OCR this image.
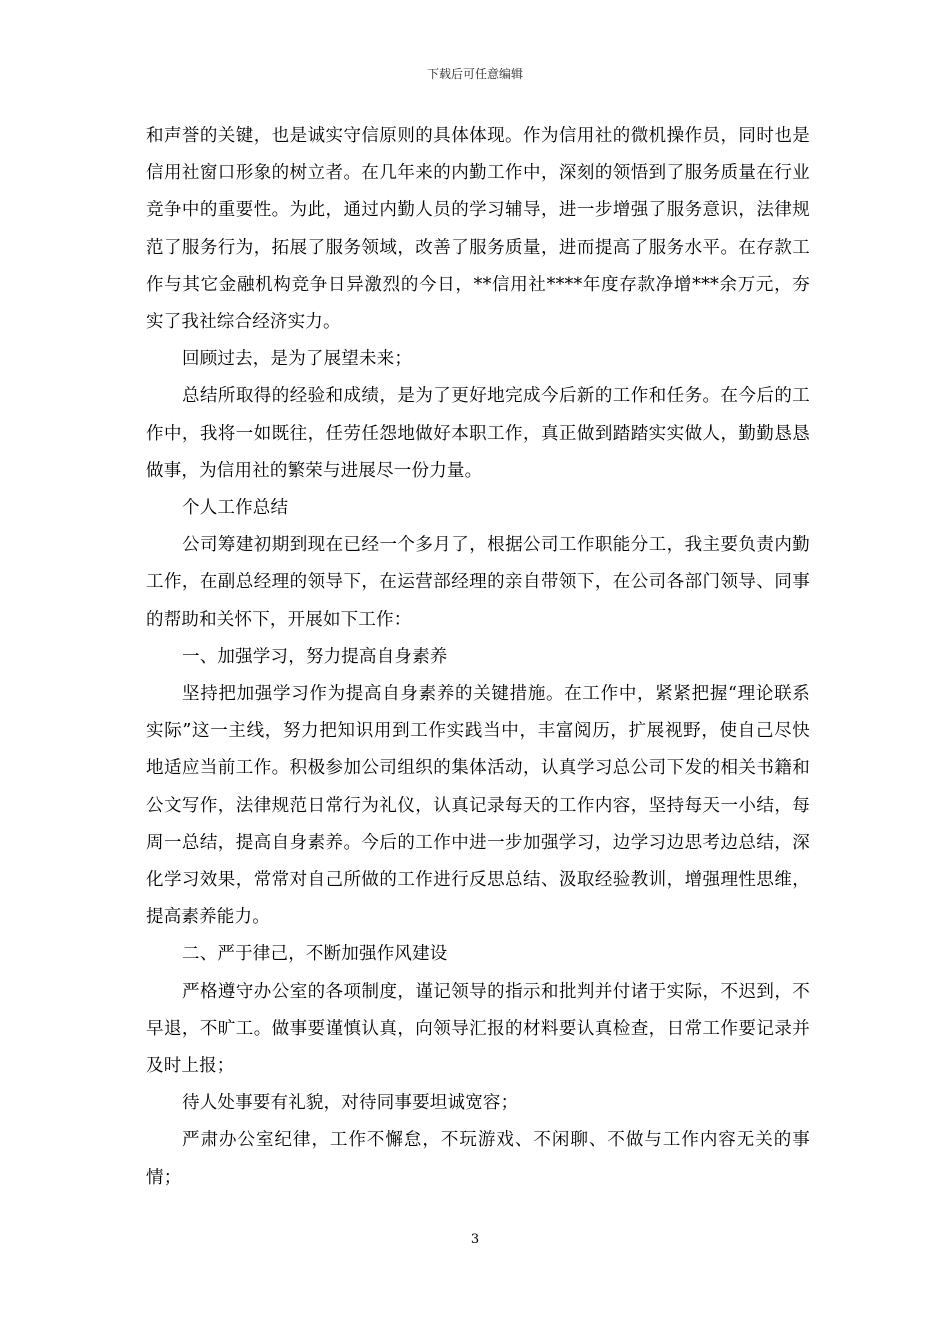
下载后可任意编辑

和声誉的关键，也是诚实守信原则的具体体现。作为信用社的微机操作员，同时也是信用社窗口形象的树立者。在几年来的内勤工作中，深刻的领悟到了服务质量在行业竞争中的重要性。为此，通过内勤人员的学习辅导，进一步增强了服务意识，法律规范了服务行为，拓展了服务领域，改善了服务质量，进而提高了服务水平。在存款工作与其它金融机构竞争日异激烈的今日，**信用社****年度存款净增***余万元，夯实了我社综合经济实力。

回顾过去，是为了展望未来；

总结所取得的经验和成绩，是为了更好地完成今后新的工作和任务。在今后的工作中，我将一如既往，任劳任怨地做好本职工作，真正做到踏踏实实做人，勤勤恳恳做事，为信用社的繁荣与进展尽一份力量。

个人工作总结

公司筹建初期到现在已经一个多月了，根据公司工作职能分工，我主要负责内勤工作，在副总经理的领导下，在运营部经理的亲自带领下，在公司各部门领导、同事的帮助和关怀下，开展如下工作：

一、加强学习，努力提高自身素养

坚持把加强学习作为提高自身素养的关键措施。在工作中，紧紧把握“理论联系实际”这一主线，努力把知识用到工作实践当中，丰富阅历，扩展视野，使自己尽快地适应当前工作。积极参加公司组织的集体活动，认真学习总公司下发的相关书籍和公文写作，法律规范日常行为礼仪，认真记录每天的工作内容，坚持每天一小结，每周一总结，提高自身素养。今后的工作中进一步加强学习，边学习边思考边总结，深化学习效果，常常对自己所做的工作进行反思总结、汲取经验教训，增强理性思维，提高素养能力。

二、严于律己，不断加强作风建设

严格遵守办公室的各项制度，谨记领导的指示和批判并付诸于实际，不迟到，不早退，不旷工。做事要谨慎认真，向领导汇报的材料要认真检查，日常工作要记录并及时上报；

待人处事要有礼貌，对待同事要坦诚宽容；

严肃办公室纪律，工作不懈怠，不玩游戏、不闲聊、不做与工作内容无关的事情；

3
